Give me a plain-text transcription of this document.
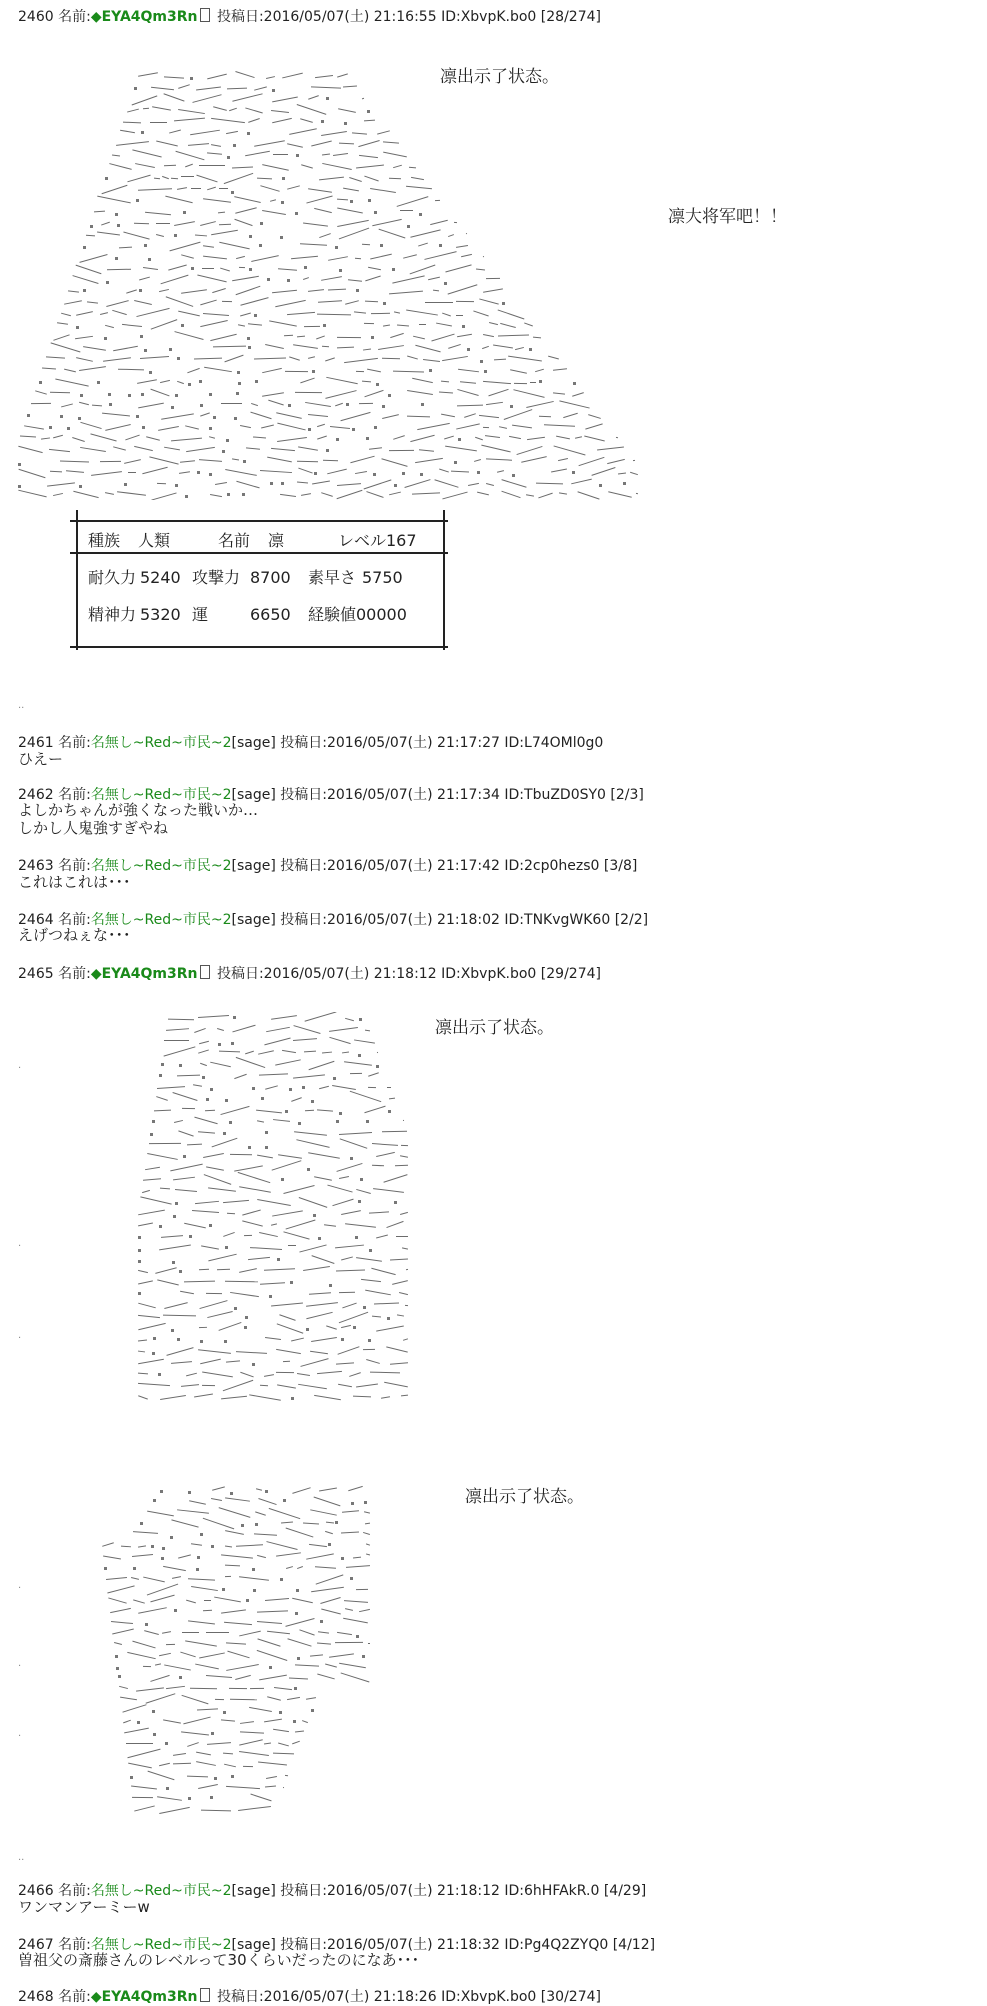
2460 名前:◆EYA4Qm3Rn 投稿日:2016/05/07(土) 21:16:55 ID:XbvpK.bo0 [28/274]
凛出示了状态。
凛大将军吧！！
種族 人類	名前 凛	レベル167
耐久力 5240 攻撃力 8700 素早さ 5750
精神力 5320 運	6650 経験値00000
..
2461 名前:名無し~Red~市民~2[sage] 投稿日:2016/05/07(土) 21:17:27 ID:L74OMl0g0
ひえー
2462 名前:名無し~Red~市民~2[sage] 投稿日:2016/05/07(土) 21:17:34 ID:TbuZD0SY0 [2/3]
よしかちゃんが強くなった戦いか…
しかし人鬼強すぎやね
2463 名前:名無し~Red~市民~2[sage] 投稿日:2016/05/07(土) 21:17:42 ID:2cp0hezs0 [3/8]
これはこれは･･･
2464 名前:名無し~Red~市民~2[sage] 投稿日:2016/05/07(土) 21:18:02 ID:TNKvgWK60 [2/2]
えげつねぇな･･･
2465 名前:◆EYA4Qm3Rn 投稿日:2016/05/07(土) 21:18:12 ID:XbvpK.bo0 [29/274]
凛出示了状态。
凛出示了状态。
.
.
.
.
.
.
..
2466 名前:名無し~Red~市民~2[sage] 投稿日:2016/05/07(土) 21:18:12 ID:6hHFAkR.0 [4/29]
ワンマンアーミーw
2467 名前:名無し~Red~市民~2[sage] 投稿日:2016/05/07(土) 21:18:32 ID:Pg4Q2ZYQ0 [4/12]
曽祖父の斎藤さんのレベルって30くらいだったのになあ･･･
2468 名前:◆EYA4Qm3Rn 投稿日:2016/05/07(土) 21:18:26 ID:XbvpK.bo0 [30/274]
